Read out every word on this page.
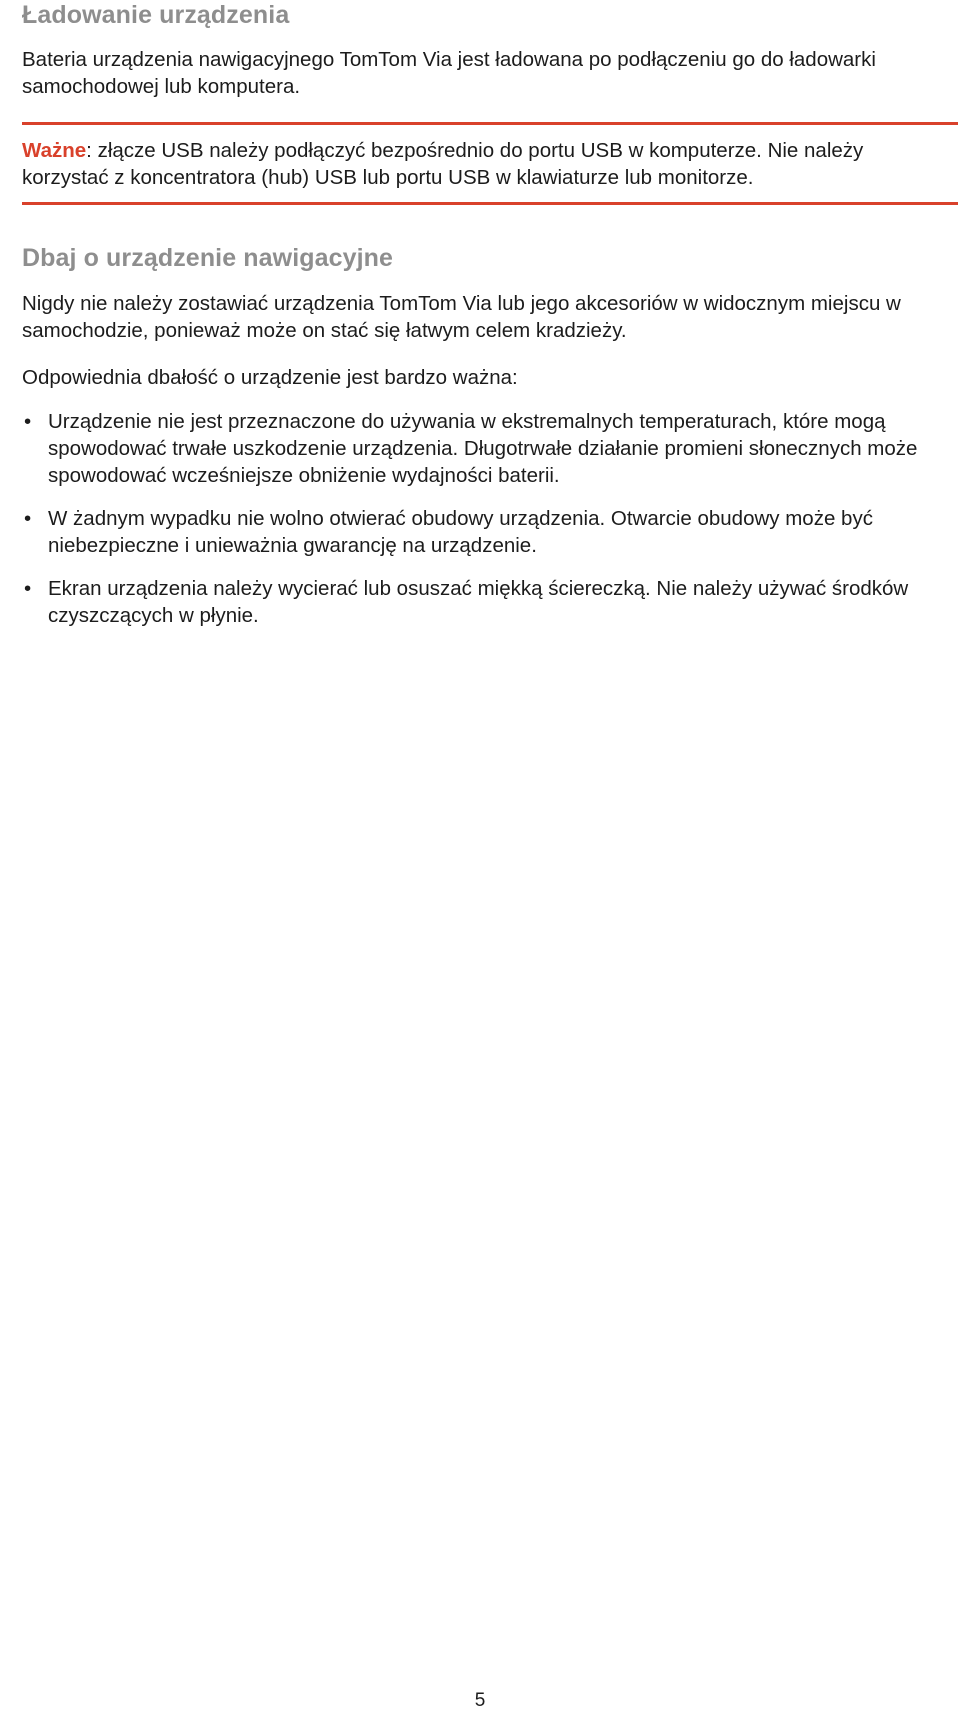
Ładowanie urządzenia
Bateria urządzenia nawigacyjnego TomTom Via jest ładowana po podłączeniu go do ładowarki samochodowej lub komputera.
Ważne: złącze USB należy podłączyć bezpośrednio do portu USB w komputerze. Nie należy korzystać z koncentratora (hub) USB lub portu USB w klawiaturze lub monitorze.
Dbaj o urządzenie nawigacyjne
Nigdy nie należy zostawiać urządzenia TomTom Via lub jego akcesoriów w widocznym miejscu w samochodzie, ponieważ może on stać się łatwym celem kradzieży.
Odpowiednia dbałość o urządzenie jest bardzo ważna:
• Urządzenie nie jest przeznaczone do używania w ekstremalnych temperaturach, które mogą spowodować trwałe uszkodzenie urządzenia. Długotrwałe działanie promieni słonecznych może spowodować wcześniejsze obniżenie wydajności baterii.
• W żadnym wypadku nie wolno otwierać obudowy urządzenia. Otwarcie obudowy może być niebezpieczne i unieważnia gwarancję na urządzenie.
• Ekran urządzenia należy wycierać lub osuszać miękką ściereczką. Nie należy używać środków czyszczących w płynie.
5
